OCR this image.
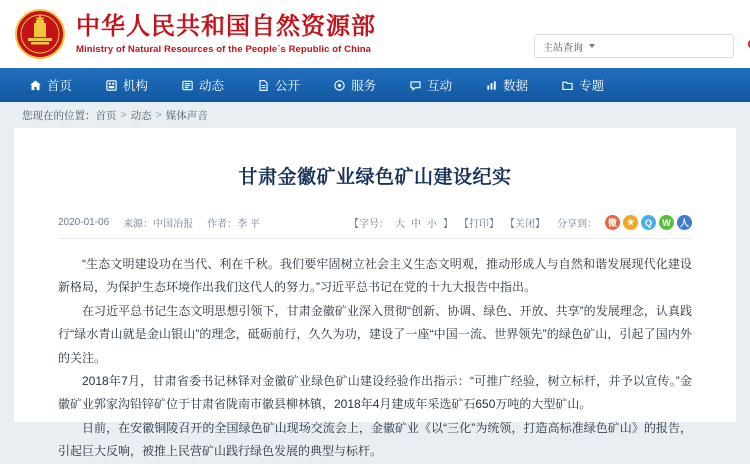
中华人民共和国自然资源部
Ministry of Natural Resources of the People´s Republic of China	主站查询
首页	机构	动态	公开	服务	互动	数据	专题
您现在的位置： 首页 > 动态 > 媒体声音
甘肃金徽矿业绿色矿山建设纪实
2020-01-06 来源：中国冶报 作者：李 平	【字号： 大 中 小 】 【打印】 【关闭】 分享到：	微	★	Q	W	人

“生态文明建设功在当代、利在千秋。我们要牢固树立社会主义生态文明观，推动形成人与自然和谐发展现代化建设新格局，为保护生态环境作出我们这代人的努力。”习近平总书记在党的十九大报告中指出。

在习近平总书记生态文明思想引领下，甘肃金徽矿业深入贯彻“创新、协调、绿色、开放、共享”的发展理念，认真践行“绿水青山就是金山银山”的理念，砥砺前行，久久为功，建设了一座“中国一流、世界领先”的绿色矿山，引起了国内外的关注。

2018年7月，甘肃省委书记林铎对金徽矿业绿色矿山建设经验作出指示：“可推广经验，树立标杆，并予以宣传。”金徽矿业郭家沟铅锌矿位于甘肃省陇南市徽县柳林镇，2018年4月建成年采选矿石650万吨的大型矿山。

日前，在安徽铜陵召开的全国绿色矿山现场交流会上，金徽矿业《以“三化”为统领，打造高标准绿色矿山》的报告，引起巨大反响，被推上民营矿山践行绿色发展的典型与标杆。
